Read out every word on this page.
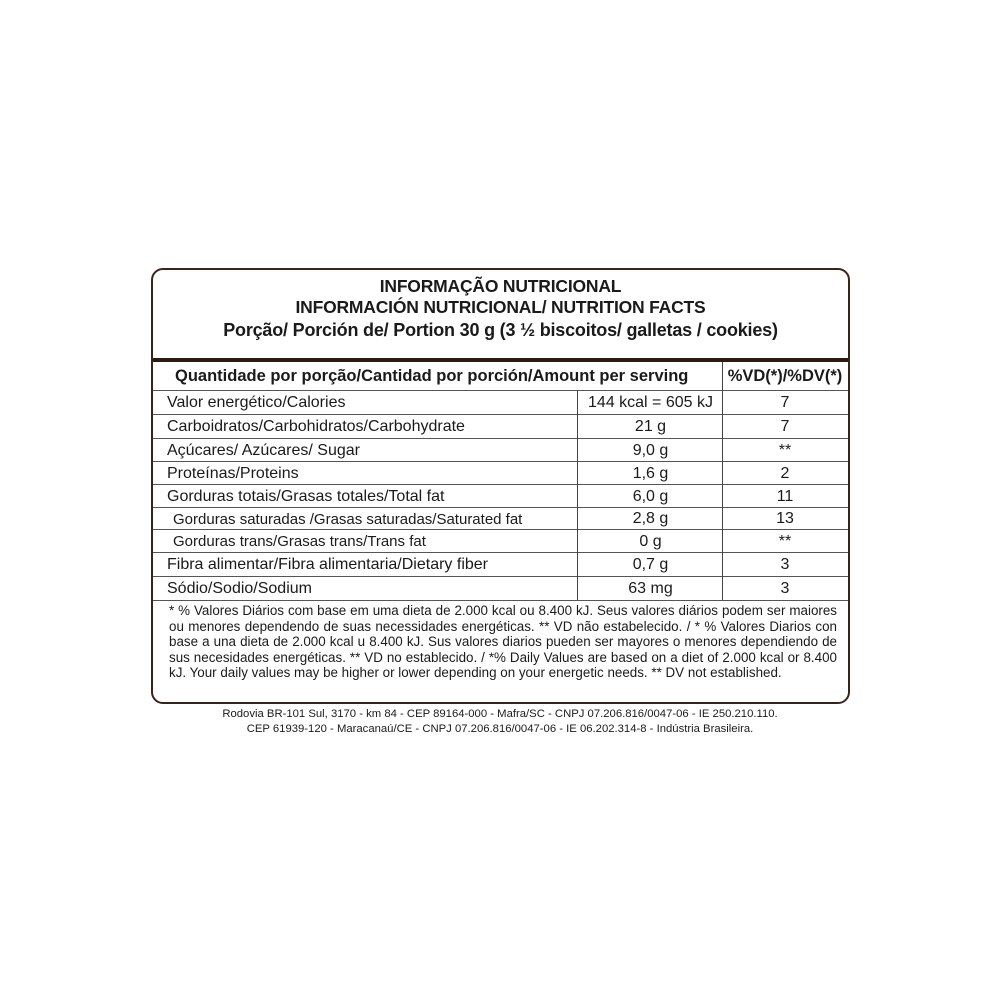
INFORMAÇÃO NUTRICIONAL
INFORMACIÓN NUTRICIONAL/ NUTRITION FACTS
Porção/ Porción de/ Portion 30 g (3 ½ biscoitos/ galletas / cookies)
Quantidade por porção/Cantidad por porción/Amount per serving	%VD(*)/%DV(*)
Valor energético/Calories	144 kcal = 605 kJ	7
Carboidratos/Carbohidratos/Carbohydrate	21 g	7
Açúcares/ Azúcares/ Sugar	9,0 g	**
Proteínas/Proteins	1,6 g	2
Gorduras totais/Grasas totales/Total fat	6,0 g	11
Gorduras saturadas /Grasas saturadas/Saturated fat	2,8 g	13
Gorduras trans/Grasas trans/Trans fat	0 g	**
Fibra alimentar/Fibra alimentaria/Dietary fiber	0,7 g	3
Sódio/Sodio/Sodium	63 mg	3
* % Valores Diários com base em uma dieta de 2.000 kcal ou 8.400 kJ. Seus valores diários podem ser maiores ou menores dependendo de suas necessidades energéticas. ** VD não estabelecido. / * % Valores Diarios con base a una dieta de 2.000 kcal u 8.400 kJ. Sus valores diarios pueden ser mayores o menores dependiendo de sus necesidades energéticas. ** VD no establecido. / *% Daily Values are based on a diet of 2.000 kcal or 8.400 kJ. Your daily values may be higher or lower depending on your energetic needs. ** DV not established.
Rodovia BR-101 Sul, 3170 - km 84 - CEP 89164-000 - Mafra/SC - CNPJ 07.206.816/0047-06 - IE 250.210.110.
CEP 61939-120 - Maracanaú/CE - CNPJ 07.206.816/0047-06 - IE 06.202.314-8 - Indústria Brasileira.
